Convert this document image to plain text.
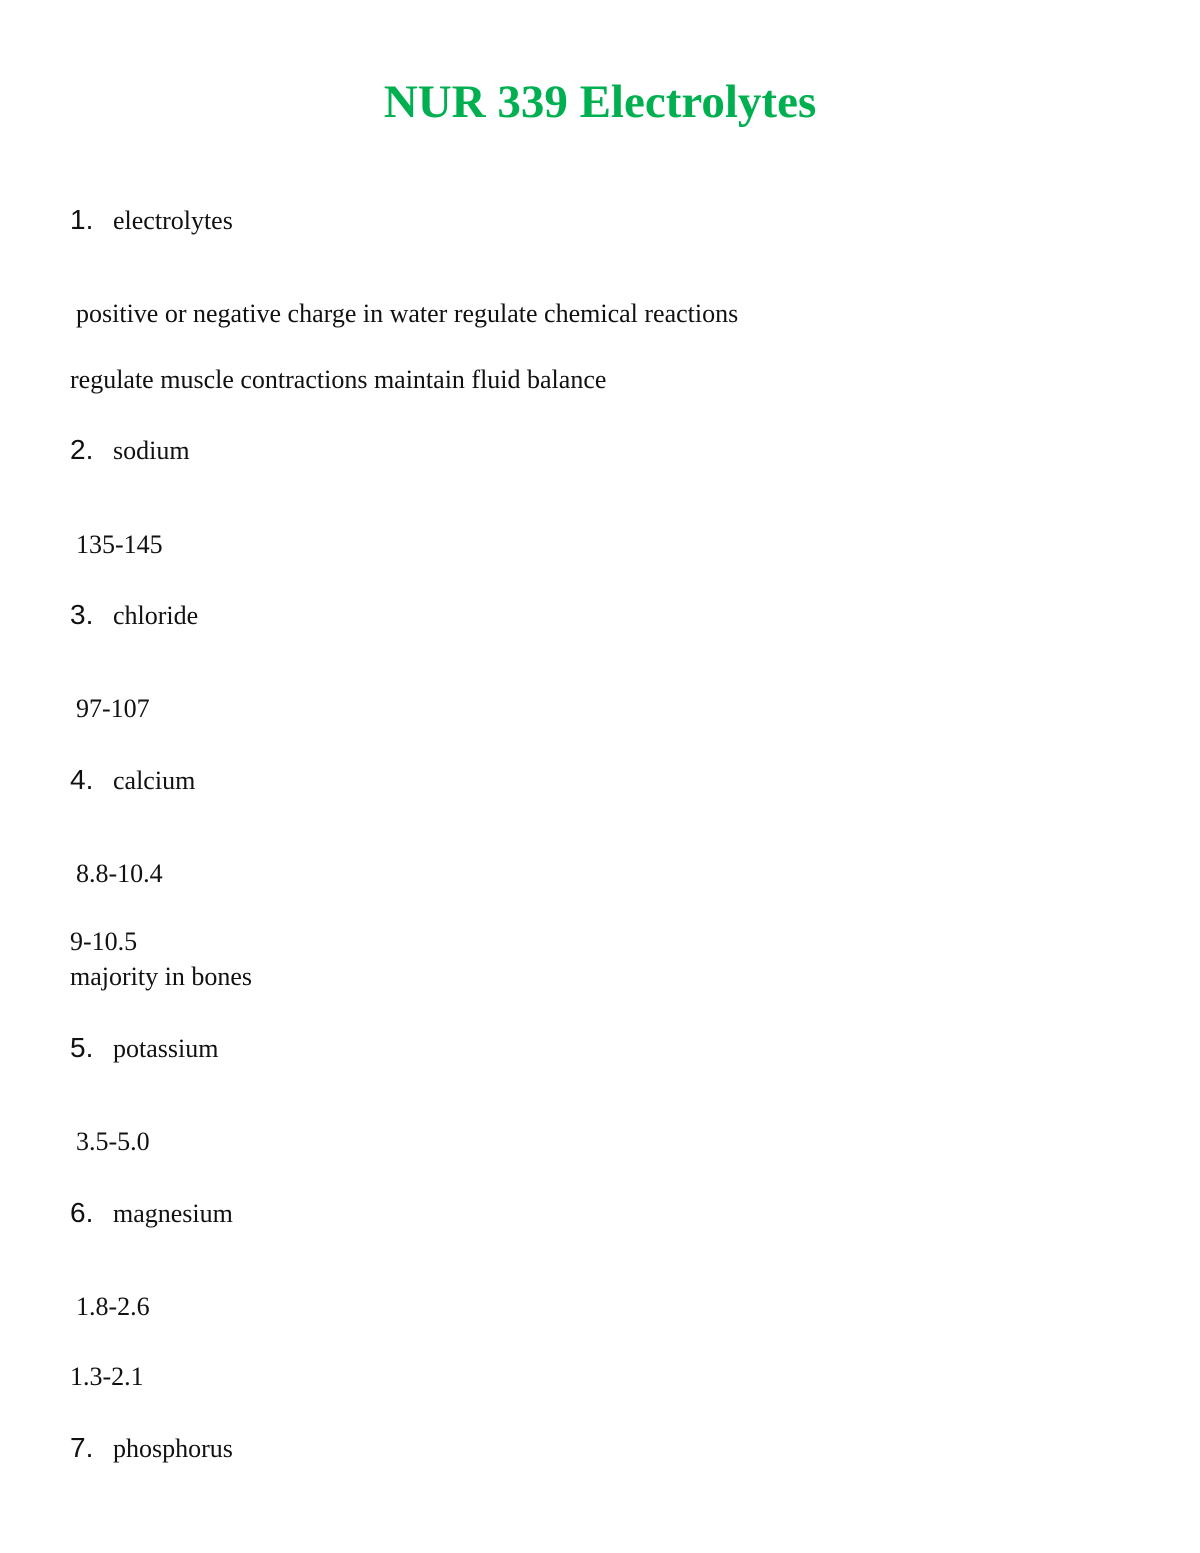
NUR 339 Electrolytes
1. electrolytes
positive or negative charge in water regulate chemical reactions
regulate muscle contractions maintain fluid balance
2. sodium
135-145
3. chloride
97-107
4. calcium
8.8-10.4
9-10.5
majority in bones
5. potassium
3.5-5.0
6. magnesium
1.8-2.6
1.3-2.1
7. phosphorus
